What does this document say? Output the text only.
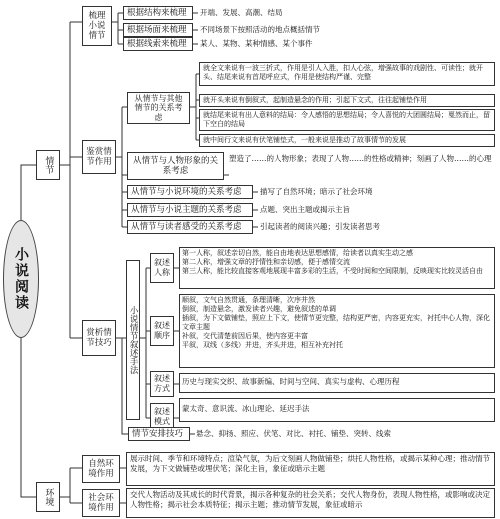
小说阅读
情节
环境
梳理小说情节
根据结构来梳理
根据场面来梳理
根据线索来梳理
开端、发展、高潮、结局
不同场景下按照活动的地点概括情节
某人、某物、某种情感、某个事件
鉴赏情节作用
从情节与其他情节的关系考虑
就全文来说有一波三折式，作用是引人入胜，扣人心弦，增强故事的戏剧性、可读性；就开头、结尾来说有首尾呼应式，作用是使结构严谨、完整
就开头来说有倒叙式，起制造悬念的作用；引起下文式，往往起铺垫作用
就结尾来说有出人意料的结局：令人感悟的思想结局；令人喜悦的大团圆结局；戛然而止，留下空白的结局
就中间行文来说有伏笔铺垫式，一般来说是推动了故事情节的发展
从情节与人物形象的关系考虑
塑造了……的人物形象；表现了人物……的性格或精神；刻画了人物……的心理
从情节与小说环境的关系考虑	描写了自然环境；暗示了社会环境
从情节与小说主题的关系考虑	点题、突出主题或揭示主旨
从情节与读者感受的关系考虑	引起读者的阅读兴趣；引发读者思考
赏析情节技巧 小说情节叙述手法
叙述人称
第一人称，叙述亲切自然，能自由地表达思想感情，给读者以真实生动之感
第二人称，增强文章的抒情性和亲切感，便于感情交流
第三人称，能比较直接客观地展现丰富多彩的生活，不受时间和空间限制，反映现实比较灵活自由
叙述顺序
顺叙，文气自然贯通，条理清晰，次序井然
倒叙，制造悬念，激发读者兴趣，避免叙述的单调
插叙，为下文做铺垫，照应上下文，使情节更完整，结构更严密，内容更充实，衬托中心人物，深化文章主题
补叙，交代清楚前因后果，使内容更丰富
平叙，双线（多线）并进，齐头并进，相互补充衬托
叙述方式
历史与现实交织、故事新编、时间与空间、真实与虚构、心理历程
叙述模式
蒙太奇、意识流、冰山理论、延迟手法
情节安排技巧	悬念、抑扬、照应、伏笔、对比、衬托、铺垫、突转、线索
自然环境作用
展示时间、季节和环境特点；渲染气氛，为后文刻画人物做铺垫；烘托人物性格，或揭示某种心理；推动情节发展，为下文做铺垫或埋伏笔；深化主旨，象征或暗示主题
社会环境作用
交代人物活动及其成长的时代背景，揭示各种复杂的社会关系；交代人物身份，表现人物性格，或影响或决定人物性格；揭示社会本质特征；揭示主题；推动情节发展，象征或暗示
